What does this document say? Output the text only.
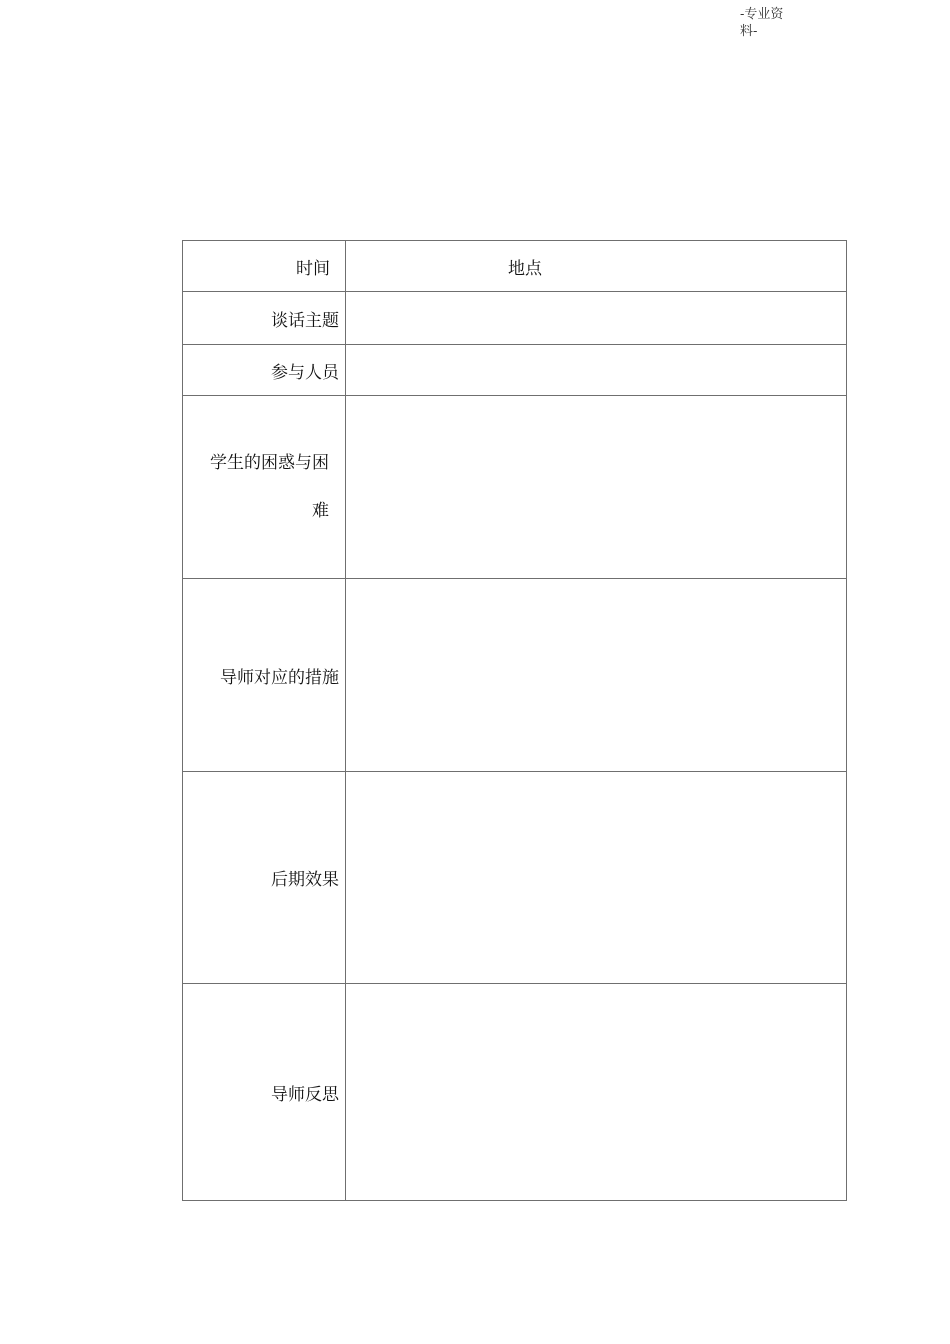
-专业资料-
时间	地点
谈话主题	
参与人员	

学生的困惑与困难	

导师对应的措施	
后期效果	
导师反思	
